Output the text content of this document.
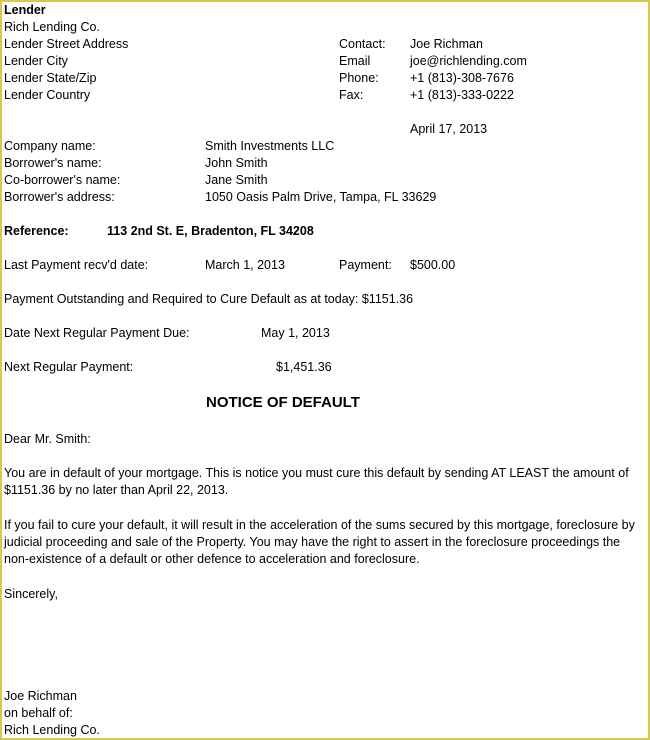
Lender
Rich Lending Co.
Lender Street Address
Lender City
Lender State/Zip
Lender Country
Contact: Joe Richman
Email	joe@richlending.com
Phone:	+1 (813)-308-7676
Fax:	+1 (813)-333-0222
April 17, 2013
Company name:	Smith Investments LLC
Borrower's name:	John Smith
Co-borrower's name:	Jane Smith
Borrower's address:	1050 Oasis Palm Drive, Tampa, FL 33629
Reference:	113 2nd St. E, Bradenton, FL 34208
Last Payment recv'd date:	March 1, 2013	Payment: $500.00
Payment Outstanding and Required to Cure Default as at today: $1151.36
Date Next Regular Payment Due:	May 1, 2013
Next Regular Payment:	$1,451.36
NOTICE OF DEFAULT
Dear Mr. Smith:
You are in default of your mortgage. This is notice you must cure this default by sending AT LEAST the amount of $1151.36 by no later than April 22, 2013.
If you fail to cure your default, it will result in the acceleration of the sums secured by this mortgage, foreclosure by judicial proceeding and sale of the Property. You may have the right to assert in the foreclosure proceedings the non-existence of a default or other defence to acceleration and foreclosure.
Sincerely,
Joe Richman
on behalf of:
Rich Lending Co.
